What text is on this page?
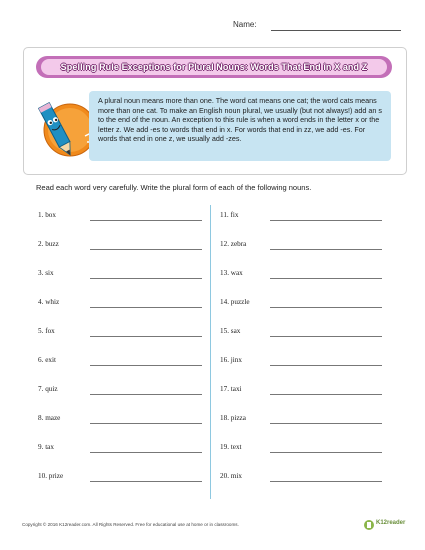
Name:
Spelling Rule Exceptions for Plural Nouns: Words That End in X and Z
A plural noun means more than one. The word cat means one cat; the word cats means more than one cat. To make an English noun plural, we usually (but not always!) add an s to the end of the noun. An exception to this rule is when a word ends in the letter x or the letter z. We add -es to words that end in x. For words that end in zz, we add -es. For words that end in one z, we usually add -zes.
Read each word very carefully. Write the plural form of each of the following nouns.
1. box
2. buzz
3. six
4. whiz
5. fox
6. exit
7. quiz
8. maze
9. tax
10. prize
11. fix
12. zebra
13. wax
14. puzzle
15. sax
16. jinx
17. taxi
18. pizza
19. text
20. mix
Copyright © 2016 K12reader.com. All Rights Reserved. Free for educational use at home or in classrooms.	K12reader
